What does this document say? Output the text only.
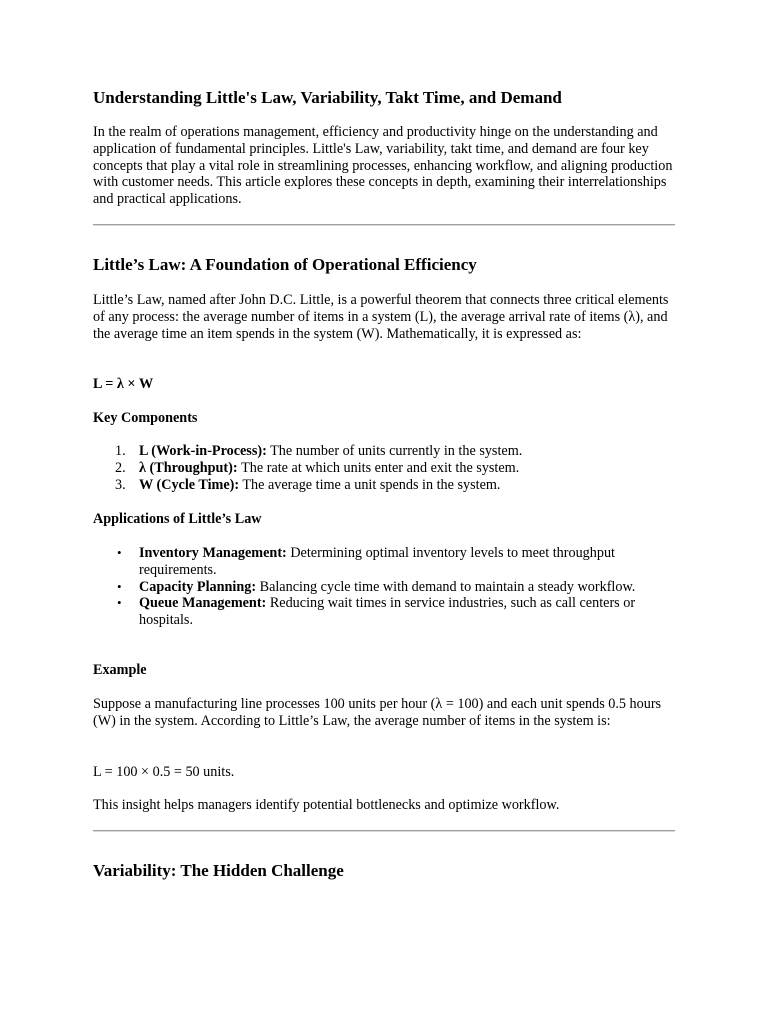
Understanding Little's Law, Variability, Takt Time, and Demand

In the realm of operations management, efficiency and productivity hinge on the understanding and application of fundamental principles. Little's Law, variability, takt time, and demand are four key concepts that play a vital role in streamlining processes, enhancing workflow, and aligning production with customer needs. This article explores these concepts in depth, examining their interrelationships and practical applications.

Little’s Law: A Foundation of Operational Efficiency

Little’s Law, named after John D.C. Little, is a powerful theorem that connects three critical elements of any process: the average number of items in a system (L), the average arrival rate of items (λ), and the average time an item spends in the system (W). Mathematically, it is expressed as:

L = λ × W

Key Components

1. L (Work-in-Process): The number of units currently in the system.
2. λ (Throughput): The rate at which units enter and exit the system.
3. W (Cycle Time): The average time a unit spends in the system.

Applications of Little’s Law

• Inventory Management: Determining optimal inventory levels to meet throughput requirements.
• Capacity Planning: Balancing cycle time with demand to maintain a steady workflow.
• Queue Management: Reducing wait times in service industries, such as call centers or hospitals.

Example

Suppose a manufacturing line processes 100 units per hour (λ = 100) and each unit spends 0.5 hours (W) in the system. According to Little’s Law, the average number of items in the system is:

L = 100 × 0.5 = 50 units.

This insight helps managers identify potential bottlenecks and optimize workflow.

Variability: The Hidden Challenge
